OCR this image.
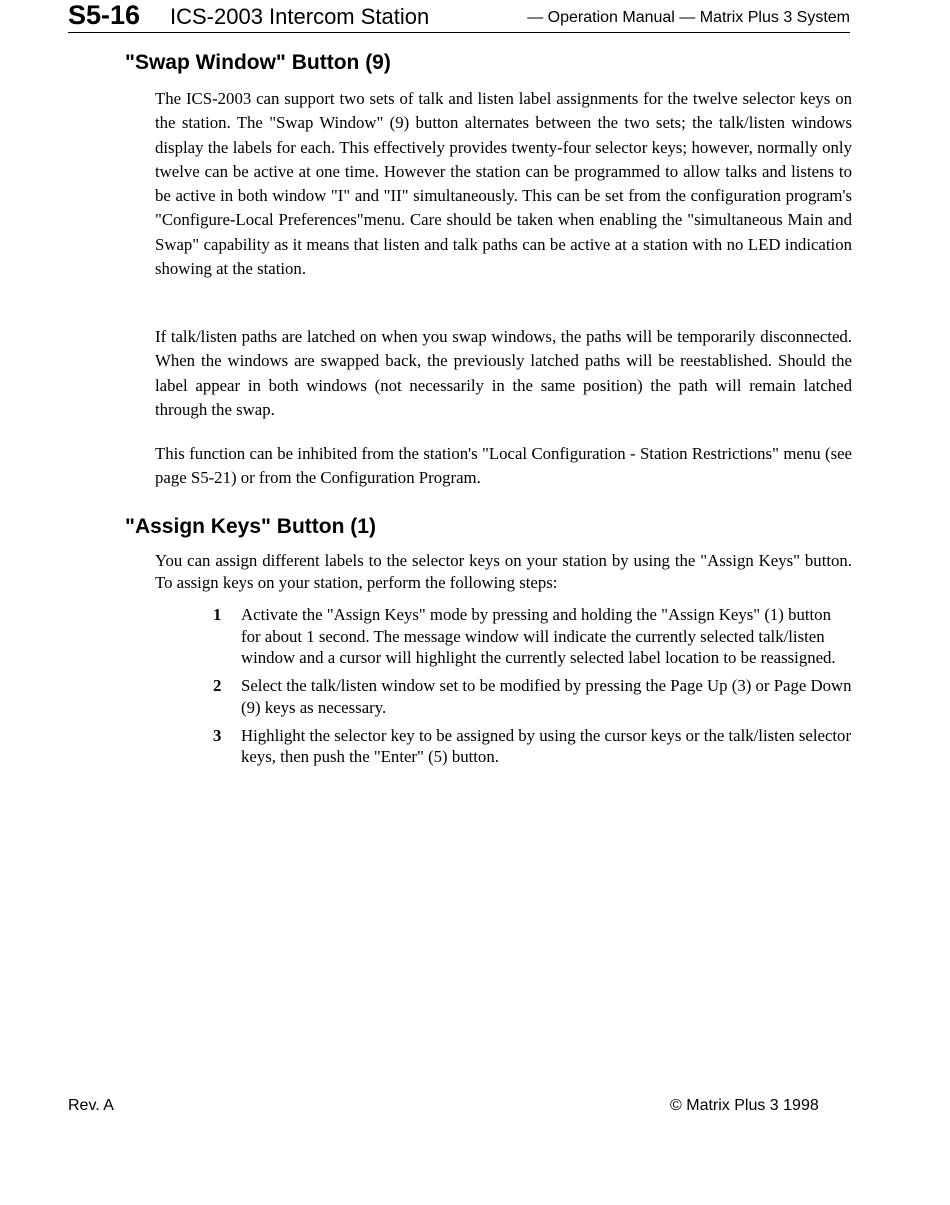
S5-16 ICS-2003 Intercom Station	— Operation Manual — Matrix Plus 3 System
"Swap Window" Button (9)

The ICS-2003 can support two sets of talk and listen label assignments for the twelve selector keys on the station. The "Swap Window" (9) button alternates between the two sets; the talk/listen windows display the labels for each. This effectively provides twenty-four selector keys; however, normally only twelve can be active at one time. However the station can be programmed to allow talks and listens to be active in both window "I" and "II" simultaneously. This can be set from the configuration program's "Configure-Local Preferences"menu. Care should be taken when enabling the "simultaneous Main and Swap" capability as it means that listen and talk paths can be active at a station with no LED indication showing at the station.

If talk/listen paths are latched on when you swap windows, the paths will be temporarily disconnected. When the windows are swapped back, the previously latched paths will be reestablished. Should the label appear in both windows (not necessarily in the same position) the path will remain latched through the swap.

This function can be inhibited from the station's "Local Configuration - Station Restrictions" menu (see page S5-21) or from the Configuration Program.

"Assign Keys" Button (1)

You can assign different labels to the selector keys on your station by using the "Assign Keys" button. To assign keys on your station, perform the following steps:

1 Activate the "Assign Keys" mode by pressing and holding the "Assign Keys" (1) button for about 1 second. The message window will indicate the currently selected talk/listen window and a cursor will highlight the currently selected label location to be reassigned.
2 Select the talk/listen window set to be modified by pressing the Page Up (3) or Page Down (9) keys as necessary.
3 Highlight the selector key to be assigned by using the cursor keys or the talk/listen selector keys, then push the "Enter" (5) button.
Rev. A	© Matrix Plus 3 1998
